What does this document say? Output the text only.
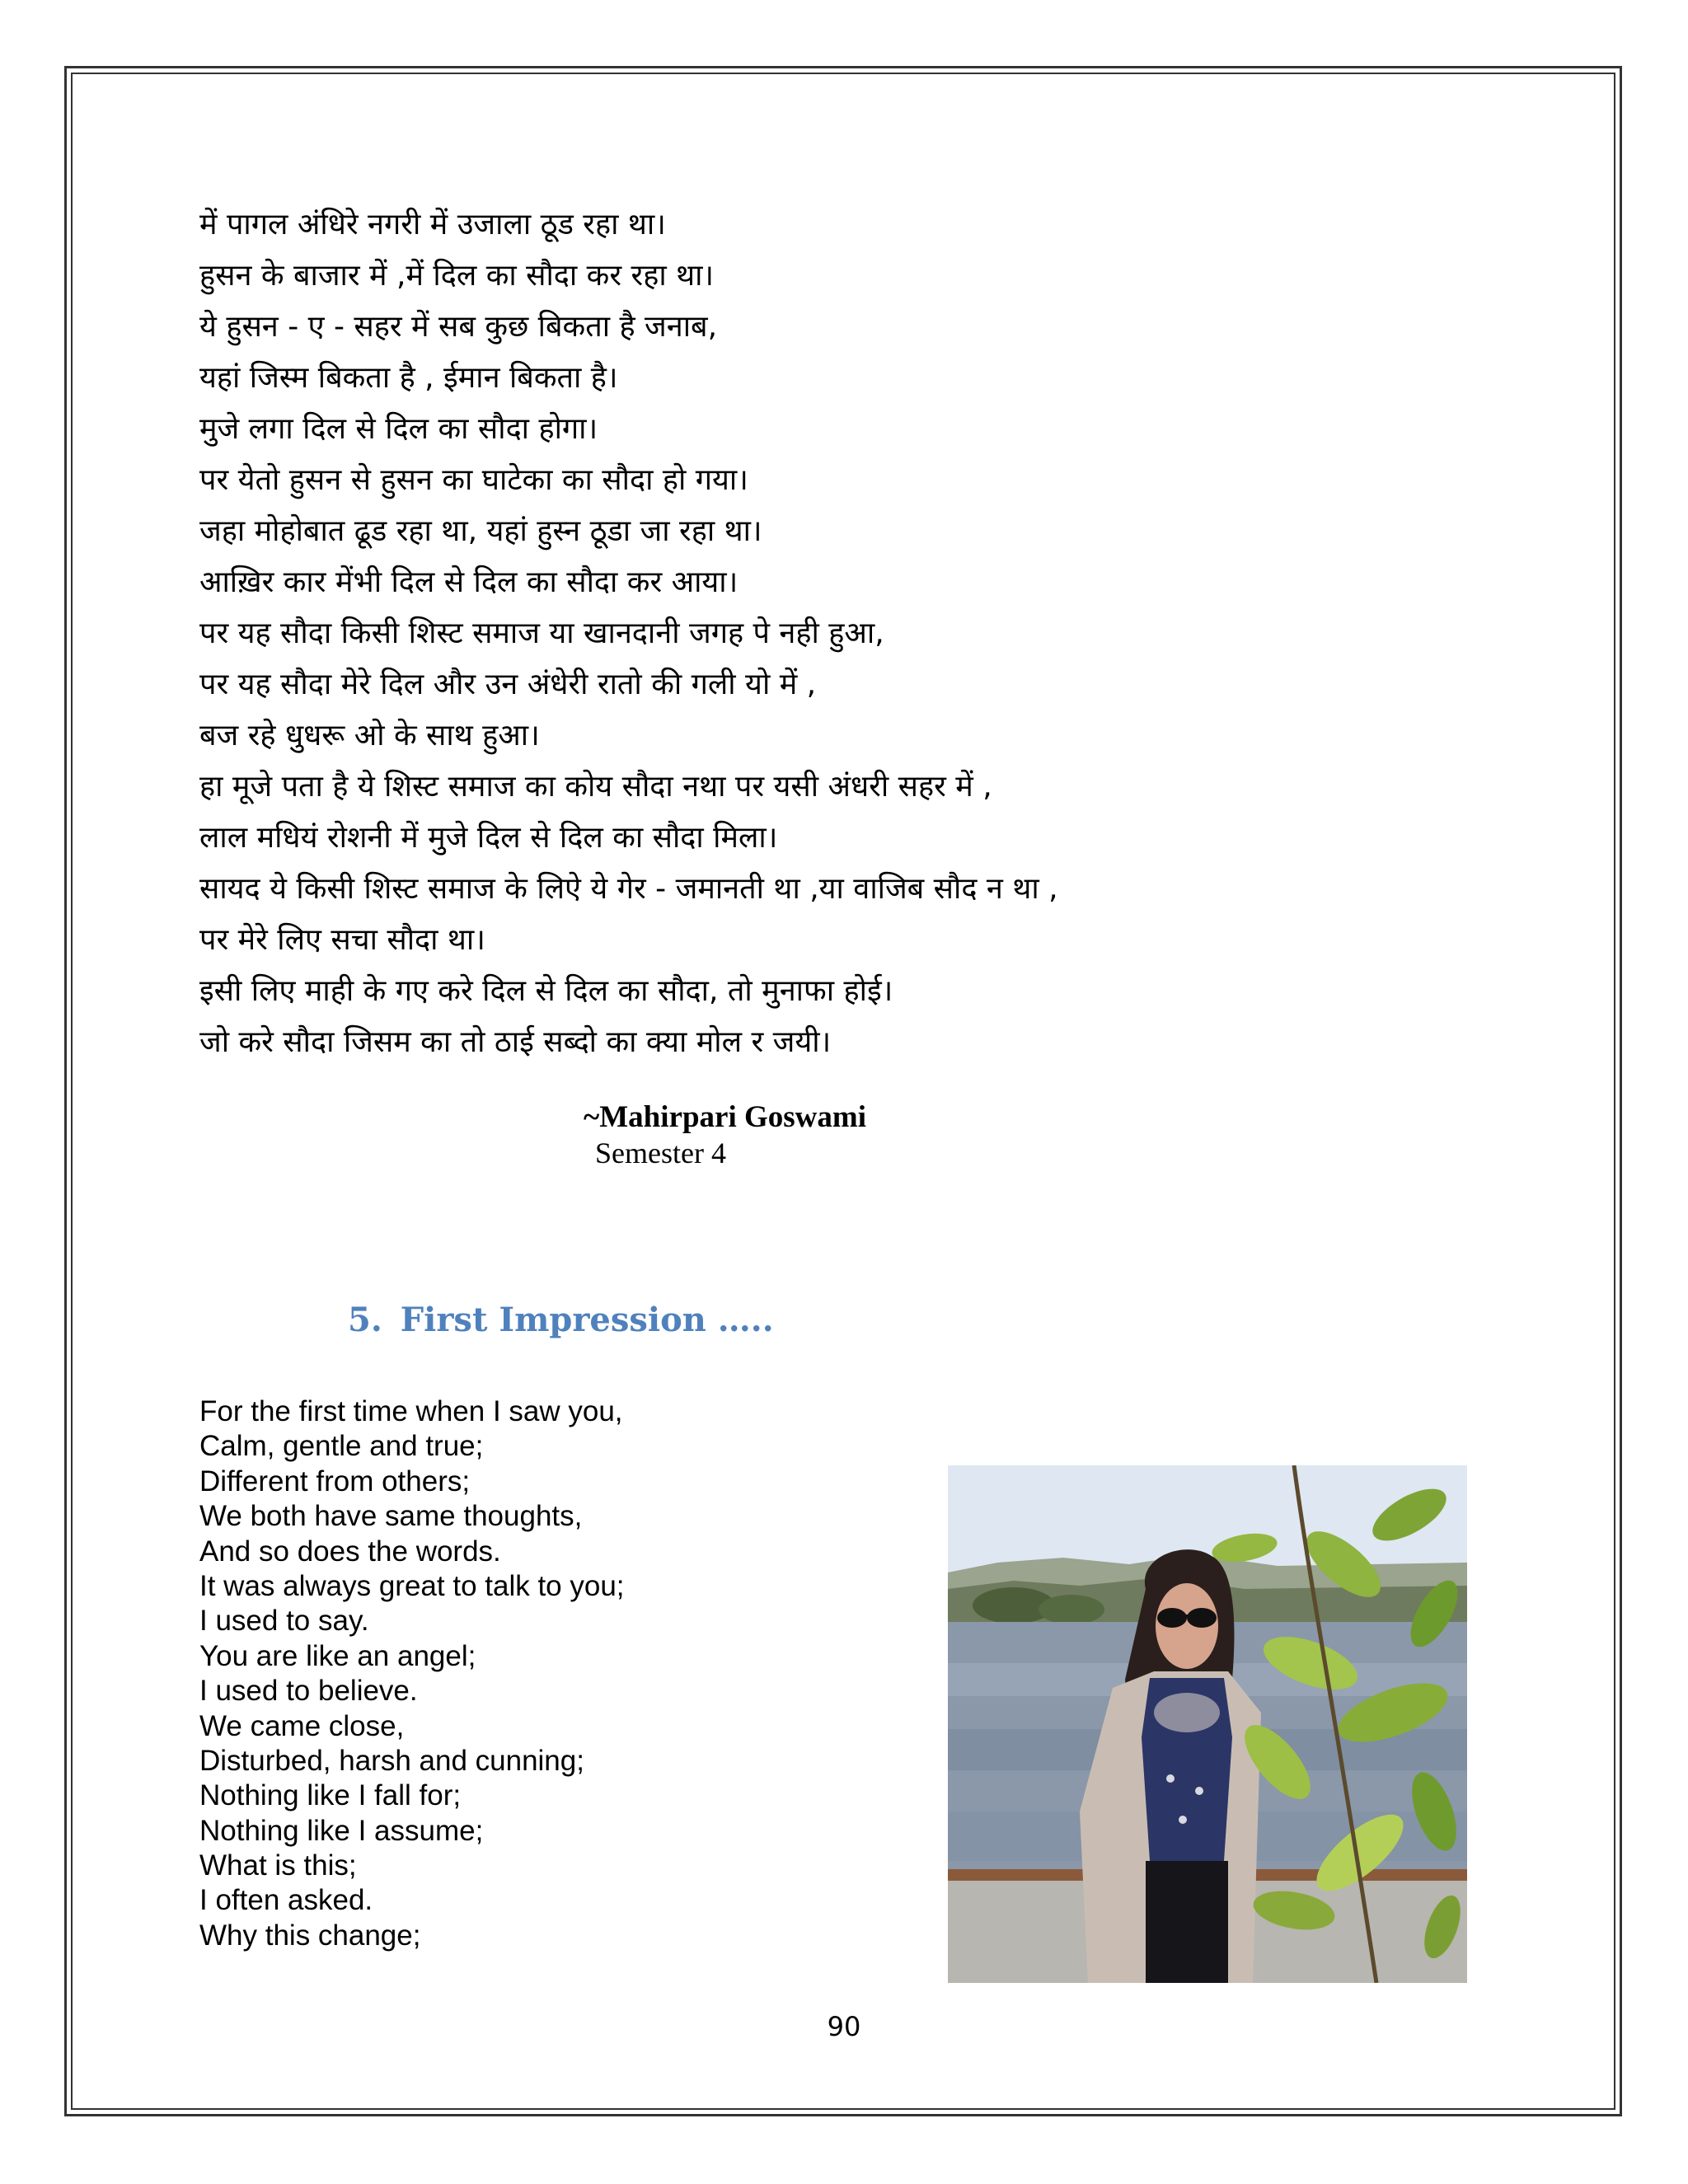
में पागल अंधिरे नगरी में उजाला ठूड रहा था।
हुसन के बाजार में ,में दिल का सौदा कर रहा था।
ये हुसन - ए - सहर में सब कुछ बिकता है जनाब,
यहां जिस्म बिकता है , ईमान बिकता है।
मुजे लगा दिल से दिल का सौदा होगा।
पर येतो हुसन से हुसन का घाटेका का सौदा हो गया।
जहा मोहोबात ढूड रहा था, यहां हुस्न ठूडा जा रहा था।
आख़िर कार मेंभी दिल से दिल का सौदा कर आया।
पर यह सौदा किसी शिस्ट समाज या खानदानी जगह पे नही हुआ,
पर यह सौदा मेरे दिल और उन अंधेरी रातो की गली यो में ,
बज रहे धुधरू ओ के साथ हुआ।
हा मूजे पता है ये शिस्ट समाज का कोय सौदा नथा पर यसी अंधरी सहर में ,
लाल मधियं रोशनी में मुजे दिल से दिल का सौदा मिला।
सायद ये किसी शिस्ट समाज के लिऐ ये गेर - जमानती था ,या वाजिब सौद न था ,
पर मेरे लिए सचा सौदा था।
इसी लिए माही के गए करे दिल से दिल का सौदा, तो मुनाफा होई।
जो करे सौदा जिसम का तो ठाई सब्दो का क्या मोल र जयी।
~Mahirpari Goswami
Semester 4
5. First Impression …..
For the first time when I saw you,
Calm, gentle and true;
Different from others;
We both have same thoughts,
And so does the words.
It was always great to talk to you;
I used to say.
You are like an angel;
I used to believe.
We came close,
Disturbed, harsh and cunning;
Nothing like I fall for;
Nothing like I assume;
What is this;
I often asked.
Why this change;
90
